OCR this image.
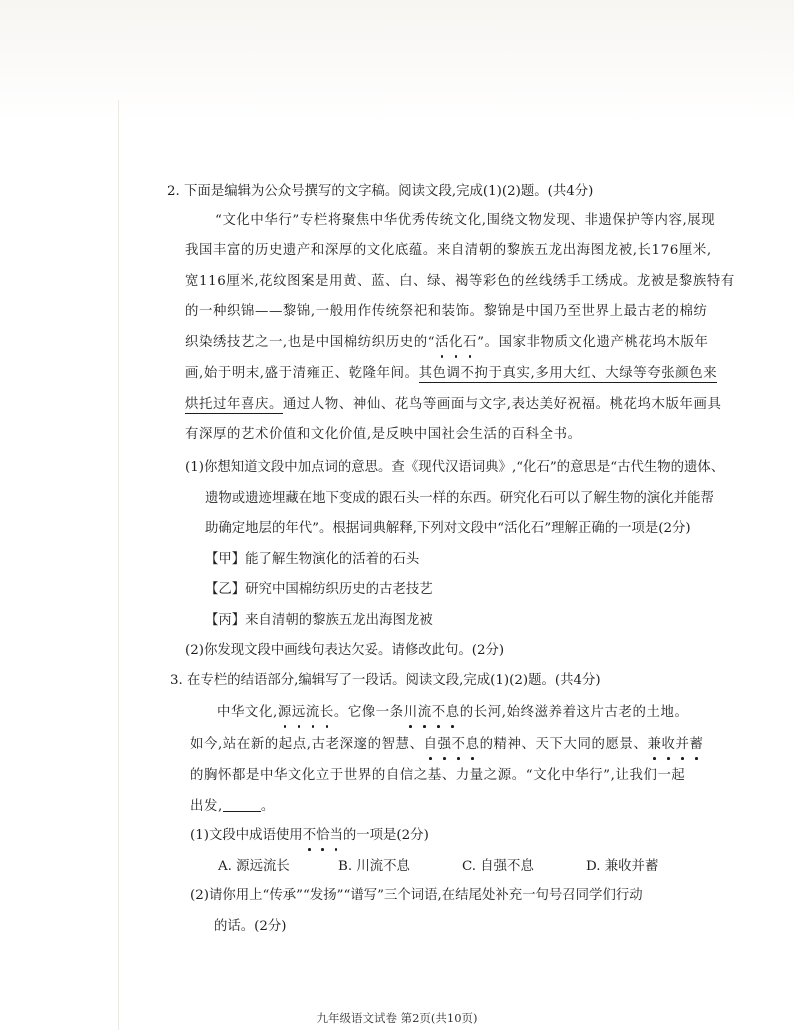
2. 下面是编辑为公众号撰写的文字稿。阅读文段,完成(1)(2)题。(共4分)
“文化中华行”专栏将聚焦中华优秀传统文化,围绕文物发现、非遗保护等内容,展现
我国丰富的历史遗产和深厚的文化底蕴。来自清朝的黎族五龙出海图龙被,长176厘米,
宽116厘米,花纹图案是用黄、蓝、白、绿、褐等彩色的丝线绣手工绣成。龙被是黎族特有
的一种织锦——黎锦,一般用作传统祭祀和装饰。黎锦是中国乃至世界上最古老的棉纺
织染绣技艺之一,也是中国棉纺织历史的“活化石”。国家非物质文化遗产桃花坞木版年
画,始于明末,盛于清雍正、乾隆年间。其色调不拘于真实,多用大红、大绿等夸张颜色来
烘托过年喜庆。通过人物、神仙、花鸟等画面与文字,表达美好祝福。桃花坞木版年画具
有深厚的艺术价值和文化价值,是反映中国社会生活的百科全书。
(1)你想知道文段中加点词的意思。查《现代汉语词典》,“化石”的意思是“古代生物的遗体、
遗物或遗迹埋藏在地下变成的跟石头一样的东西。研究化石可以了解生物的演化并能帮
助确定地层的年代”。根据词典解释,下列对文段中“活化石”理解正确的一项是(2分)
【甲】能了解生物演化的活着的石头
【乙】研究中国棉纺织历史的古老技艺
【丙】来自清朝的黎族五龙出海图龙被
(2)你发现文段中画线句表达欠妥。请修改此句。(2分)
3. 在专栏的结语部分,编辑写了一段话。阅读文段,完成(1)(2)题。(共4分)
中华文化,源远流长。它像一条川流不息的长河,始终滋养着这片古老的土地。
如今,站在新的起点,古老深邃的智慧、自强不息的精神、天下大同的愿景、兼收并蓄
的胸怀都是中华文化立于世界的自信之基、力量之源。“文化中华行”,让我们一起
出发,	。
(1)文段中成语使用不恰当的一项是(2分)
A. 源远流长	B. 川流不息	C. 自强不息	D. 兼收并蓄
(2)请你用上“传承”“发扬”“谱写”三个词语,在结尾处补充一句号召同学们行动
的话。(2分)
九年级语文试卷 第2页(共10页)
